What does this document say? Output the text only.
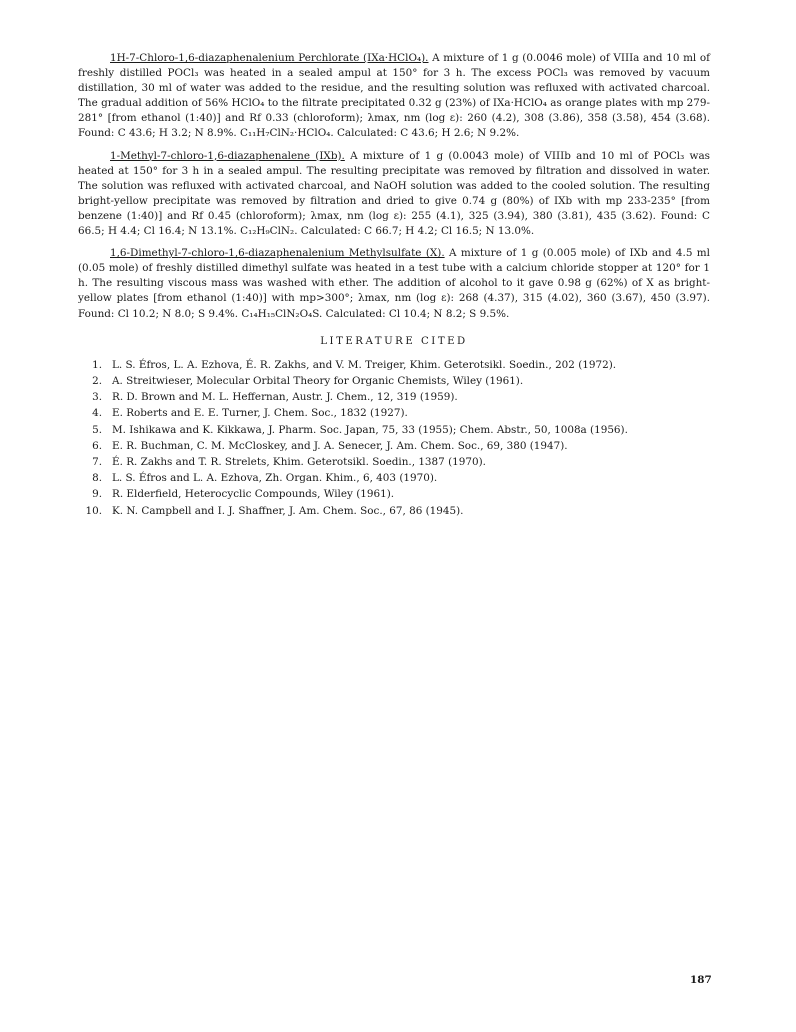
1H-7-Chloro-1,6-diazaphenalenium Perchlorate (IXa·HClO₄). A mixture of 1 g (0.0046 mole) of VIIIa and 10 ml of freshly distilled POCl₃ was heated in a sealed ampul at 150° for 3 h. The excess POCl₃ was removed by vacuum distillation, 30 ml of water was added to the residue, and the resulting solution was refluxed with activated charcoal. The gradual addition of 56% HClO₄ to the filtrate precipitated 0.32 g (23%) of IXa·HClO₄ as orange plates with mp 279-281° [from ethanol (1:40)] and Rf 0.33 (chloroform); λmax, nm (log ε): 260 (4.2), 308 (3.86), 358 (3.58), 454 (3.68). Found: C 43.6; H 3.2; N 8.9%. C₁₁H₇ClN₂·HClO₄. Calculated: C 43.6; H 2.6; N 9.2%.

1-Methyl-7-chloro-1,6-diazaphenalene (IXb). A mixture of 1 g (0.0043 mole) of VIIIb and 10 ml of POCl₃ was heated at 150° for 3 h in a sealed ampul. The resulting precipitate was removed by filtration and dissolved in water. The solution was refluxed with activated charcoal, and NaOH solution was added to the cooled solution. The resulting bright-yellow precipitate was removed by filtration and dried to give 0.74 g (80%) of IXb with mp 233-235° [from benzene (1:40)] and Rf 0.45 (chloroform); λmax, nm (log ε): 255 (4.1), 325 (3.94), 380 (3.81), 435 (3.62). Found: C 66.5; H 4.4; Cl 16.4; N 13.1%. C₁₂H₉ClN₂. Calculated: C 66.7; H 4.2; Cl 16.5; N 13.0%.

1,6-Dimethyl-7-chloro-1,6-diazaphenalenium Methylsulfate (X). A mixture of 1 g (0.005 mole) of IXb and 4.5 ml (0.05 mole) of freshly distilled dimethyl sulfate was heated in a test tube with a calcium chloride stopper at 120° for 1 h. The resulting viscous mass was washed with ether. The addition of alcohol to it gave 0.98 g (62%) of X as bright-yellow plates [from ethanol (1:40)] with mp>300°; λmax, nm (log ε): 268 (4.37), 315 (4.02), 360 (3.67), 450 (3.97). Found: Cl 10.2; N 8.0; S 9.4%. C₁₄H₁₅ClN₂O₄S. Calculated: Cl 10.4; N 8.2; S 9.5%.

LITERATURE CITED
1. L. S. Éfros, L. A. Ezhova, É. R. Zakhs, and V. M. Treiger, Khim. Geterotsikl. Soedin., 202 (1972).
2. A. Streitwieser, Molecular Orbital Theory for Organic Chemists, Wiley (1961).
3. R. D. Brown and M. L. Heffernan, Austr. J. Chem., 12, 319 (1959).
4. E. Roberts and E. E. Turner, J. Chem. Soc., 1832 (1927).
5. M. Ishikawa and K. Kikkawa, J. Pharm. Soc. Japan, 75, 33 (1955); Chem. Abstr., 50, 1008a (1956).
6. E. R. Buchman, C. M. McCloskey, and J. A. Senecer, J. Am. Chem. Soc., 69, 380 (1947).
7. É. R. Zakhs and T. R. Strelets, Khim. Geterotsikl. Soedin., 1387 (1970).
8. L. S. Éfros and L. A. Ezhova, Zh. Organ. Khim., 6, 403 (1970).
9. R. Elderfield, Heterocyclic Compounds, Wiley (1961).
10. K. N. Campbell and I. J. Shaffner, J. Am. Chem. Soc., 67, 86 (1945).
187
